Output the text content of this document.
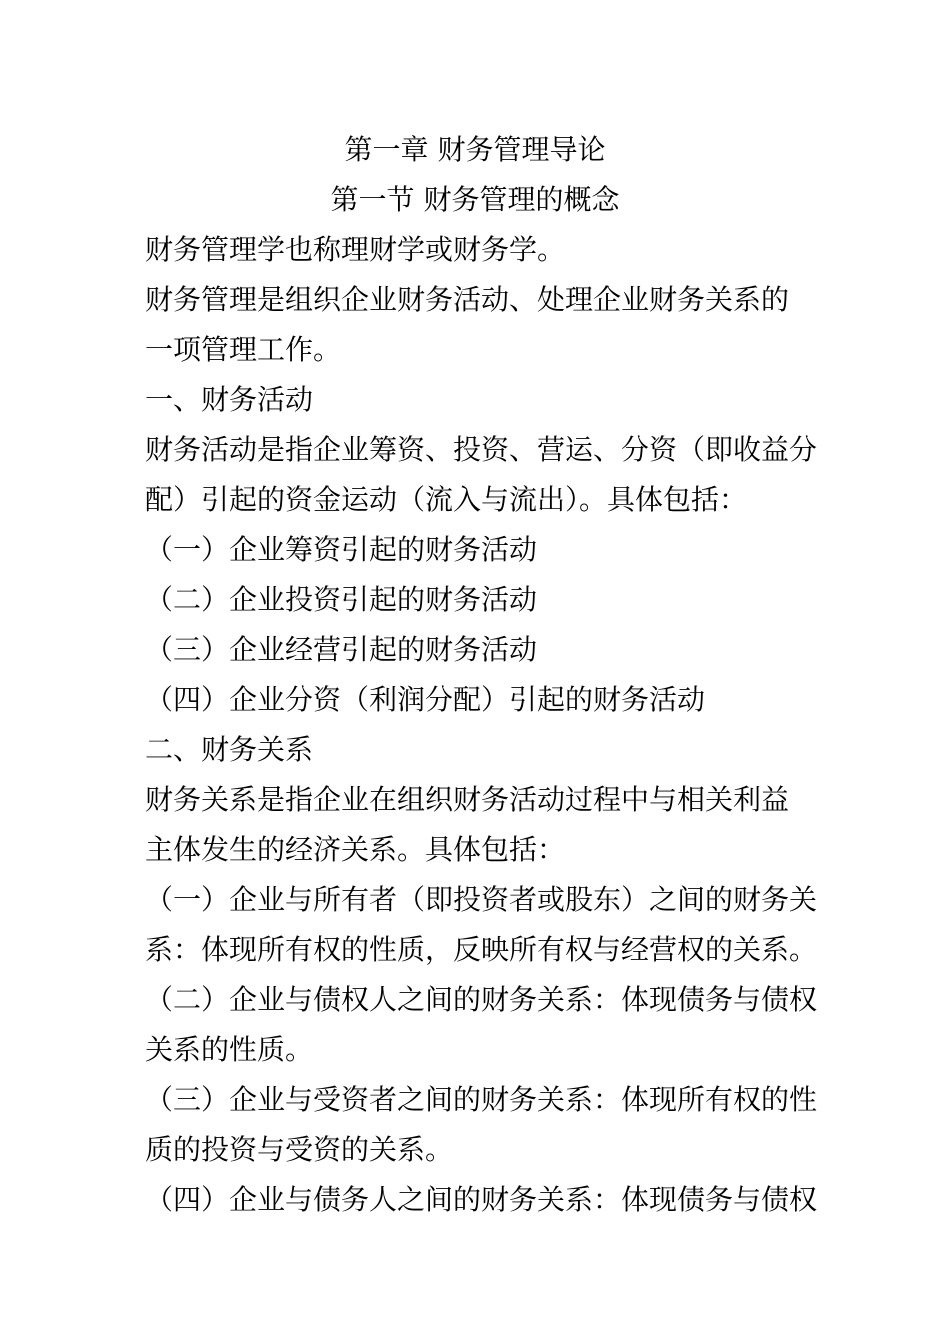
第一章 财务管理导论
第一节 财务管理的概念
财务管理学也称理财学或财务学。
财务管理是组织企业财务活动、处理企业财务关系的
一项管理工作。
一、财务活动
财务活动是指企业筹资、投资、营运、分资（即收益分
配）引起的资金运动（流入与流出）。具体包括：
（一）企业筹资引起的财务活动
（二）企业投资引起的财务活动
（三）企业经营引起的财务活动
（四）企业分资（利润分配）引起的财务活动
二、财务关系
财务关系是指企业在组织财务活动过程中与相关利益
主体发生的经济关系。具体包括：
（一）企业与所有者（即投资者或股东）之间的财务关
系：体现所有权的性质，反映所有权与经营权的关系。
（二）企业与债权人之间的财务关系：体现债务与债权
关系的性质。
（三）企业与受资者之间的财务关系：体现所有权的性
质的投资与受资的关系。
（四）企业与债务人之间的财务关系：体现债务与债权
